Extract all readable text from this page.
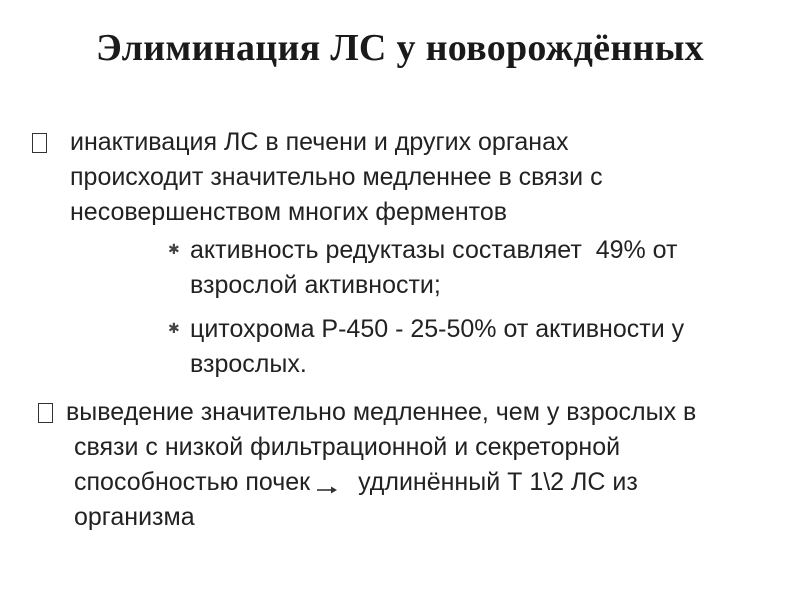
Элиминация ЛС у новорождённых
инактивация ЛС в печени и других органах
происходит значительно медленнее в связи с
несовершенством многих ферментов
✱ активность редуктазы составляет  49% от
взрослой активности;
✱ цитохрома Р-450 - 25-50% от активности у
взрослых.
выведение значительно медленнее, чем у взрослых в
связи с низкой фильтрационной и секреторной
способностью почек удлинённый Т 1\2 ЛС из
организма
